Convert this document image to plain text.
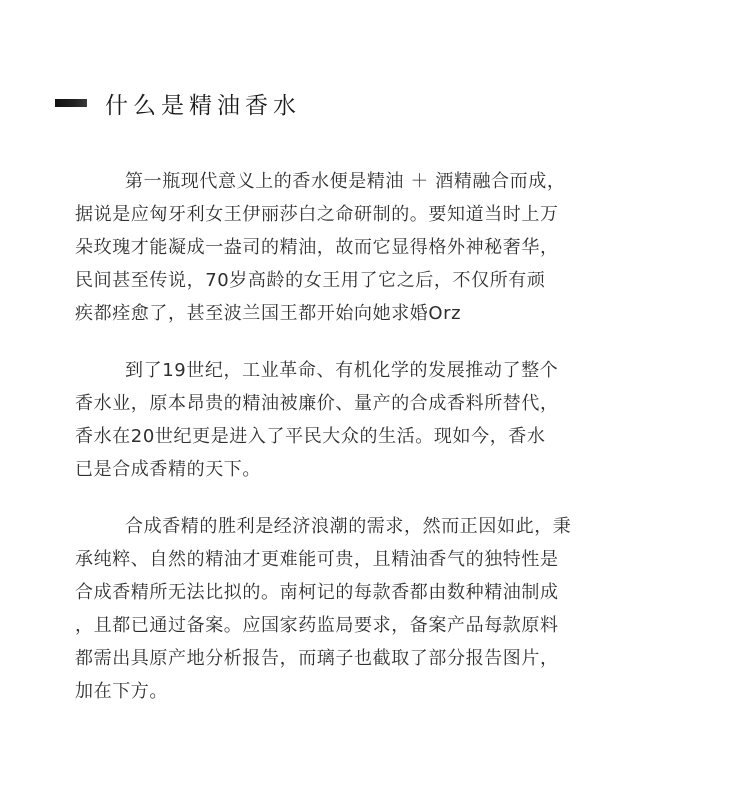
什么是精油香水
第一瓶现代意义上的香水便是精油 ＋ 酒精融合而成，
据说是应匈牙利女王伊丽莎白之命研制的。要知道当时上万
朵玫瑰才能凝成一盎司的精油，故而它显得格外神秘奢华，
民间甚至传说，70岁高龄的女王用了它之后，不仅所有顽
疾都痊愈了，甚至波兰国王都开始向她求婚Orz
到了19世纪，工业革命、有机化学的发展推动了整个
香水业，原本昂贵的精油被廉价、量产的合成香料所替代，
香水在20世纪更是进入了平民大众的生活。现如今，香水
已是合成香精的天下。
合成香精的胜利是经济浪潮的需求，然而正因如此，秉
承纯粹、自然的精油才更难能可贵，且精油香气的独特性是
合成香精所无法比拟的。南柯记的每款香都由数种精油制成
，且都已通过备案。应国家药监局要求，备案产品每款原料
都需出具原产地分析报告，而璃子也截取了部分报告图片，
加在下方。
